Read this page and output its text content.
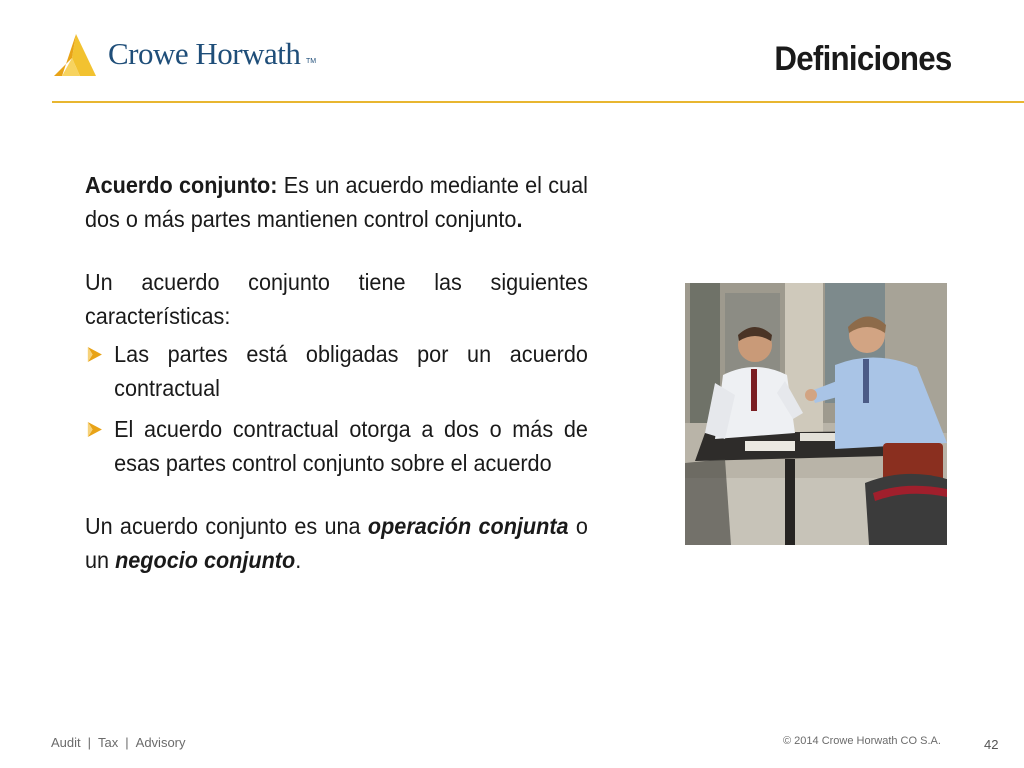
Crowe Horwath TM	Definiciones

Acuerdo conjunto: Es un acuerdo mediante el cual dos o más partes mantienen control conjunto.

Un acuerdo conjunto tiene las siguientes características:

Las partes está obligadas por un acuerdo contractual
El acuerdo contractual otorga a dos o más de esas partes control conjunto sobre el acuerdo

Un acuerdo conjunto es una operación conjunta o un negocio conjunto.

Audit | Tax | Advisory	© 2014 Crowe Horwath CO S.A.	42
